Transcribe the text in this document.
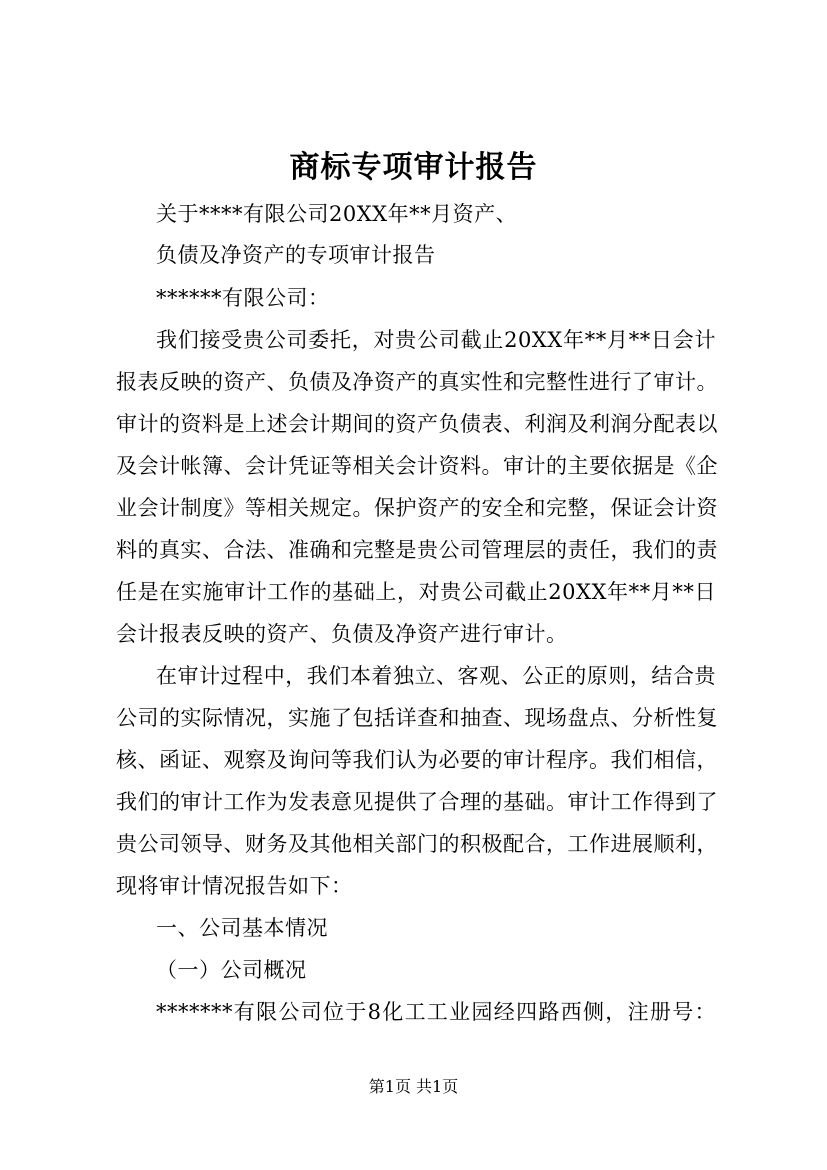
商标专项审计报告
关于****有限公司20XX年**月资产、
负债及净资产的专项审计报告
******有限公司：
我们接受贵公司委托，对贵公司截止20XX年**月**日会计
报表反映的资产、负债及净资产的真实性和完整性进行了审计。
审计的资料是上述会计期间的资产负债表、利润及利润分配表以
及会计帐簿、会计凭证等相关会计资料。审计的主要依据是《企
业会计制度》等相关规定。保护资产的安全和完整，保证会计资
料的真实、合法、准确和完整是贵公司管理层的责任，我们的责
任是在实施审计工作的基础上，对贵公司截止20XX年**月**日
会计报表反映的资产、负债及净资产进行审计。
在审计过程中，我们本着独立、客观、公正的原则，结合贵
公司的实际情况，实施了包括详查和抽查、现场盘点、分析性复
核、函证、观察及询问等我们认为必要的审计程序。我们相信，
我们的审计工作为发表意见提供了合理的基础。审计工作得到了
贵公司领导、财务及其他相关部门的积极配合，工作进展顺利，
现将审计情况报告如下：
一、公司基本情况
（一）公司概况
*******有限公司位于8化工工业园经四路西侧，注册号：
第1页 共1页
